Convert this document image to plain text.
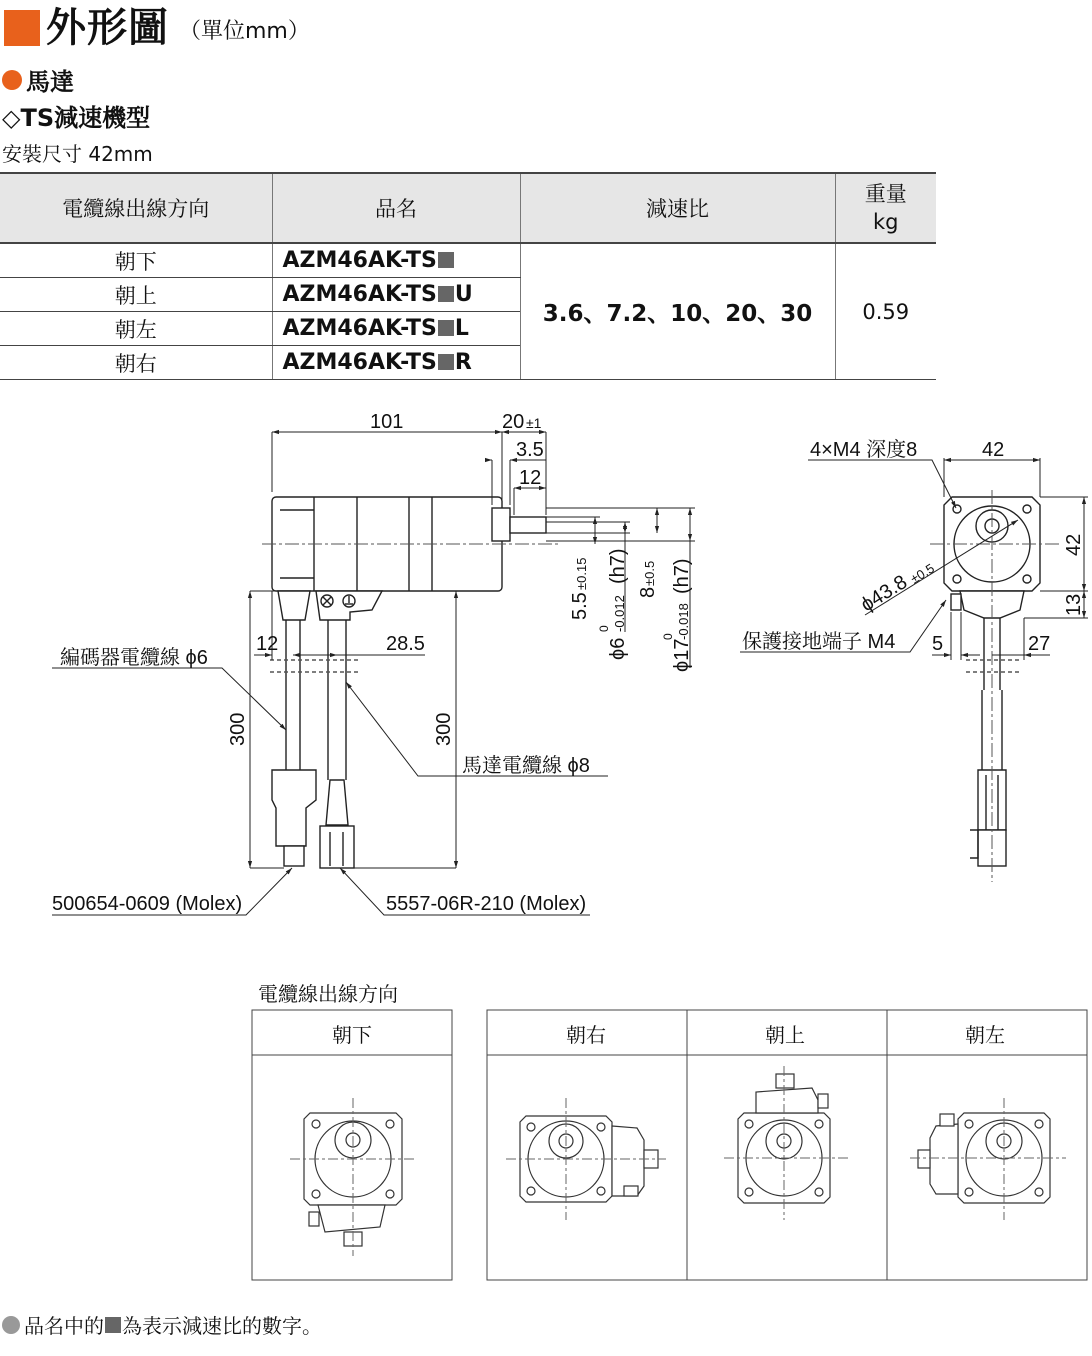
外形圖 （單位mm）
馬達
◇TS減速機型
安裝尺寸 42mm
電纜線出線方向	品名	減速比	重量
kg
朝下	AZM46AK-TS	3.6、7.2、10、20、30	0.59
朝上	AZM46AK-TS U		
朝左	AZM46AK-TS L		
朝右	AZM46AK-TS R		
101	20 ±1
3.5
12
5.5
±0.15
ϕ6
0 -0.012
(h7)
8
±0.5
ϕ17
0 -0.018
(h7)
12	28.5
300	300
編碼器電纜線 ϕ6
馬達電纜線 ϕ8
500654-0609 (Molex)	5557-06R-210 (Molex)
4×M4 深度8	42
42
13
ϕ43.8
±0.5
保護接地端子 M4 5	27
朝下	朝右	朝上	朝左
電纜線出線方向
品名中的 為表示減速比的數字。
